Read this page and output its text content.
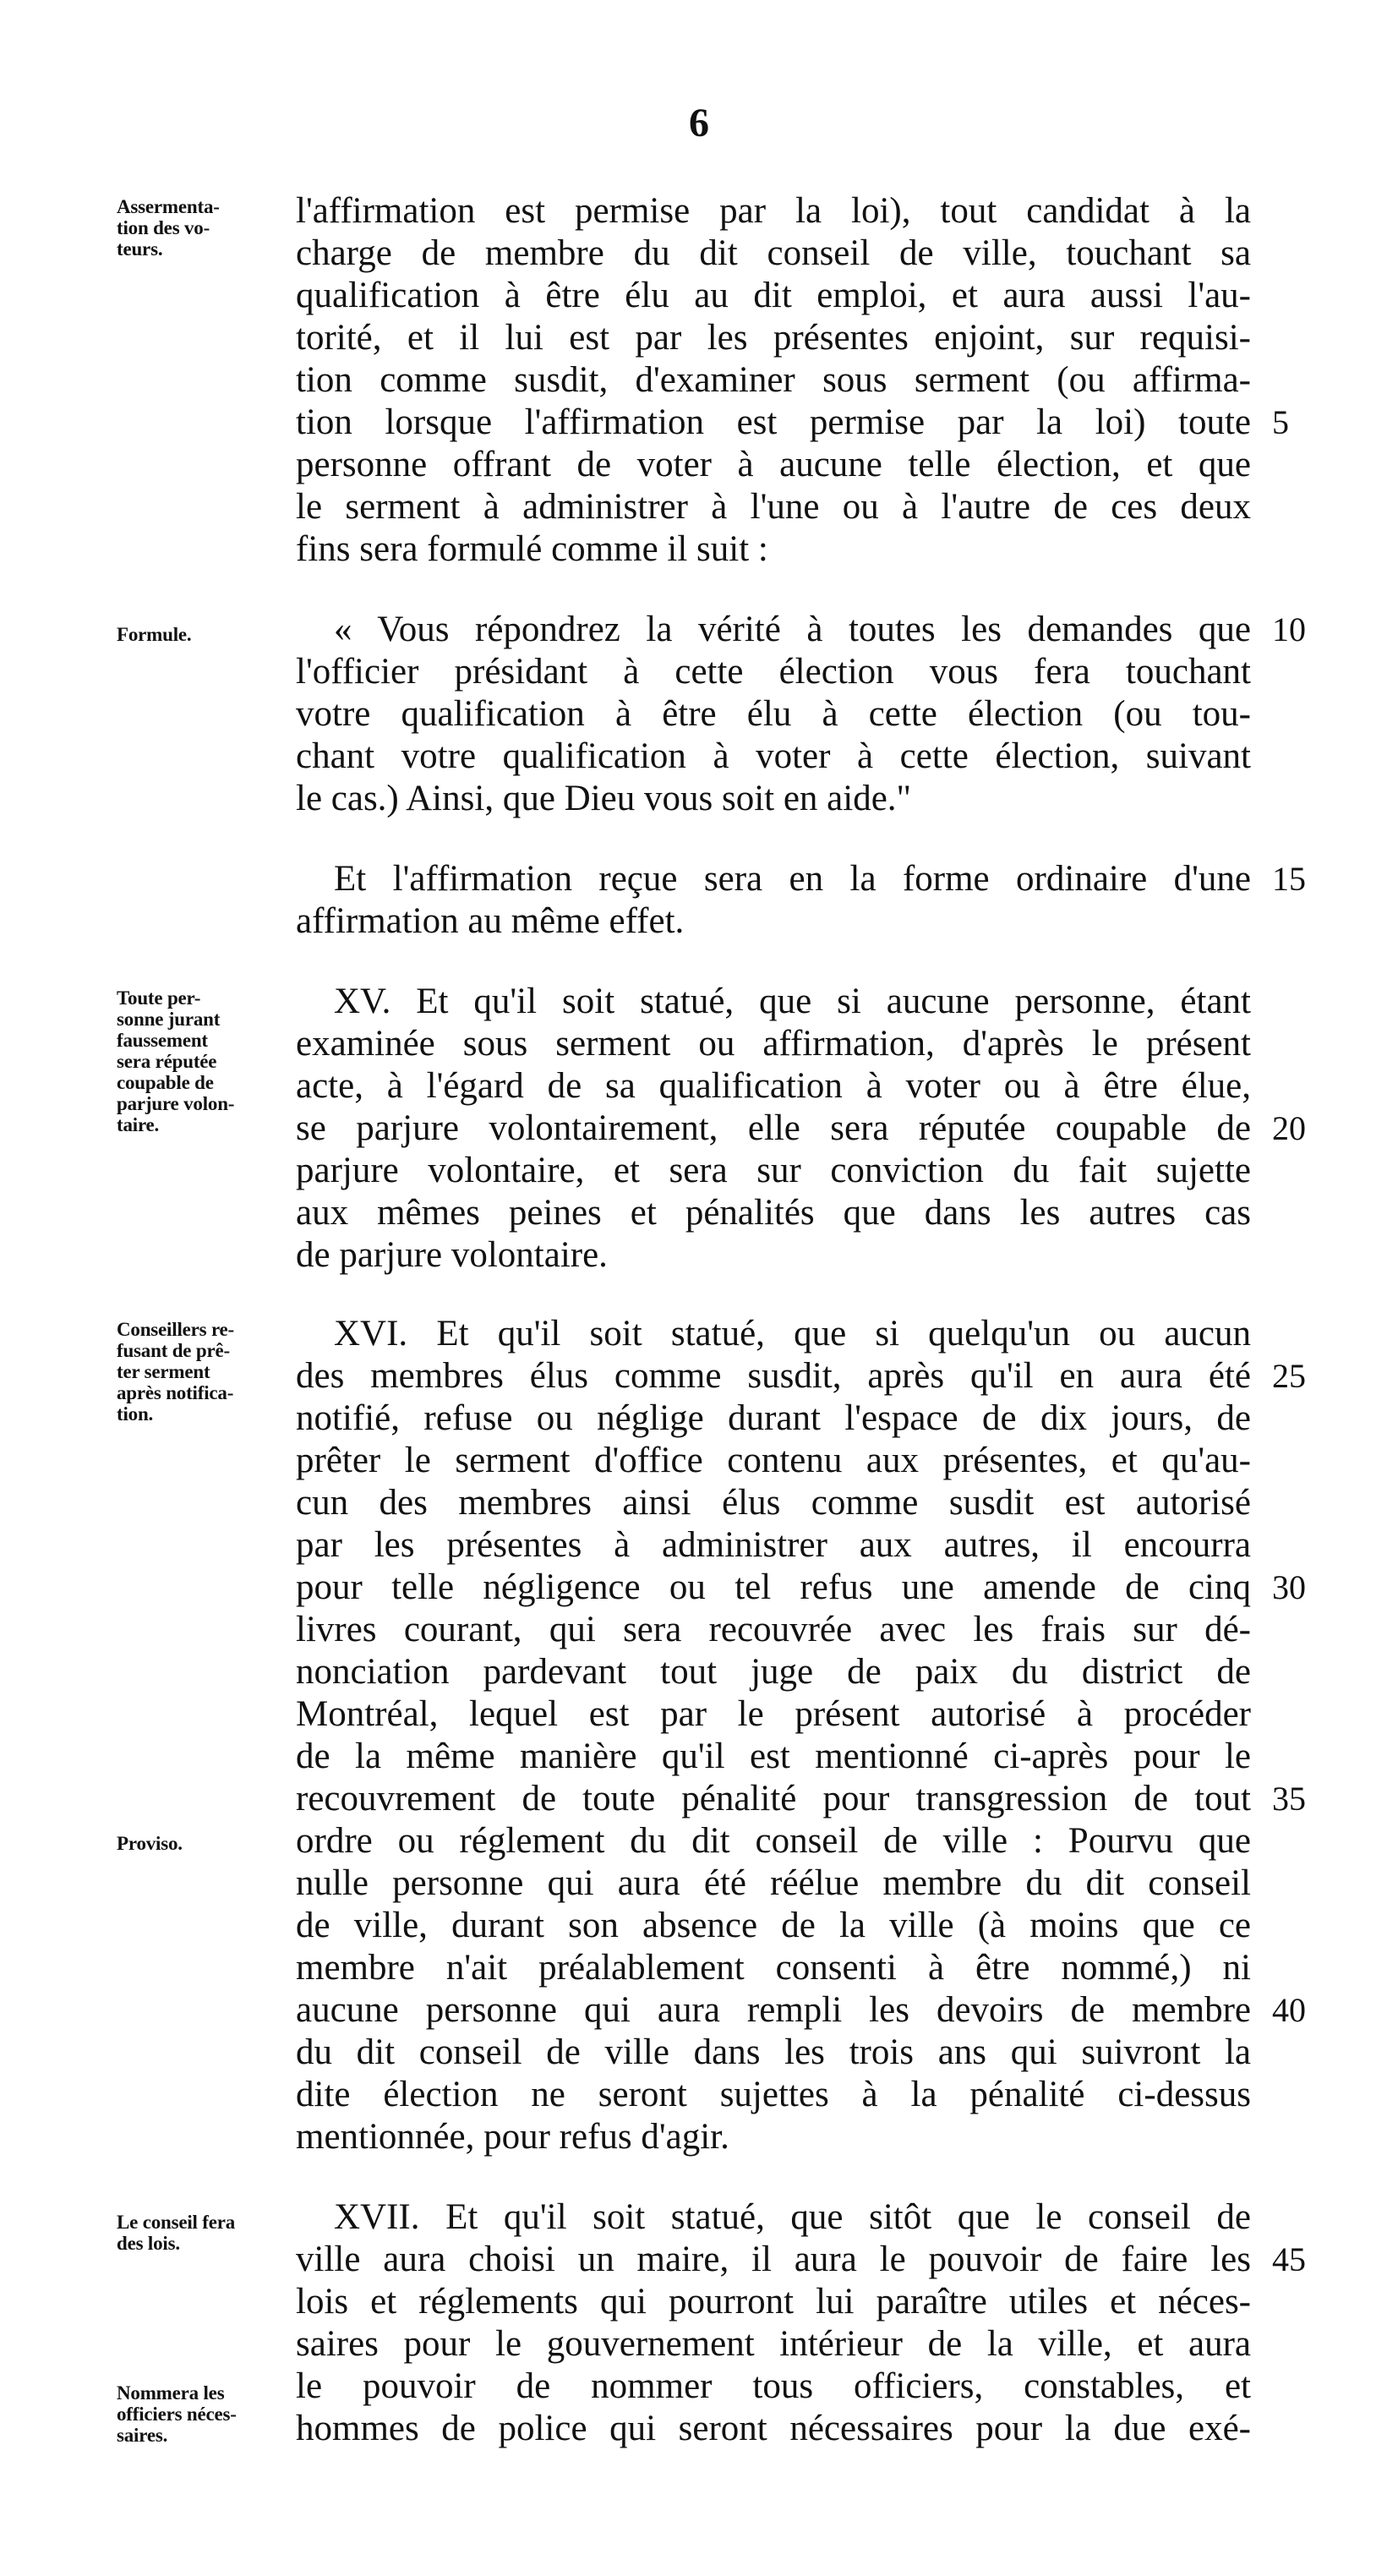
6
Assermenta-
tion des vo-
teurs.
Formule.
Toute per-
sonne jurant
faussement
sera réputée
coupable de
parjure volon-
taire.
Conseillers re-
fusant de prê-
ter serment
après notifica-
tion.
Proviso.
Le conseil fera
des lois.
Nommera les
officiers néces-
saires.
l'affirmation est permise par la loi), tout candidat à la
charge de membre du dit conseil de ville, touchant sa
qualification à être élu au dit emploi, et aura aussi l'au-
torité, et il lui est par les présentes enjoint, sur requisi-
tion comme susdit, d'examiner sous serment (ou affirma-
tion lorsque l'affirmation est permise par la loi) toute
personne offrant de voter à aucune telle élection, et que
le serment à administrer à l'une ou à l'autre de ces deux
fins sera formulé comme il suit :
« Vous répondrez la vérité à toutes les demandes que
l'officier présidant à cette élection vous fera touchant
votre qualification à être élu à cette élection (ou tou-
chant votre qualification à voter à cette élection, suivant
le cas.) Ainsi, que Dieu vous soit en aide."
Et l'affirmation reçue sera en la forme ordinaire d'une
affirmation au même effet.
XV. Et qu'il soit statué, que si aucune personne, étant
examinée sous serment ou affirmation, d'après le présent
acte, à l'égard de sa qualification à voter ou à être élue,
se parjure volontairement, elle sera réputée coupable de
parjure volontaire, et sera sur conviction du fait sujette
aux mêmes peines et pénalités que dans les autres cas
de parjure volontaire.
XVI. Et qu'il soit statué, que si quelqu'un ou aucun
des membres élus comme susdit, après qu'il en aura été
notifié, refuse ou néglige durant l'espace de dix jours, de
prêter le serment d'office contenu aux présentes, et qu'au-
cun des membres ainsi élus comme susdit est autorisé
par les présentes à administrer aux autres, il encourra
pour telle négligence ou tel refus une amende de cinq
livres courant, qui sera recouvrée avec les frais sur dé-
nonciation pardevant tout juge de paix du district de
Montréal, lequel est par le présent autorisé à procéder
de la même manière qu'il est mentionné ci-après pour le
recouvrement de toute pénalité pour transgression de tout
ordre ou réglement du dit conseil de ville : Pourvu que
nulle personne qui aura été réélue membre du dit conseil
de ville, durant son absence de la ville (à moins que ce
membre n'ait préalablement consenti à être nommé,) ni
aucune personne qui aura rempli les devoirs de membre
du dit conseil de ville dans les trois ans qui suivront la
dite élection ne seront sujettes à la pénalité ci-dessus
mentionnée, pour refus d'agir.
XVII. Et qu'il soit statué, que sitôt que le conseil de
ville aura choisi un maire, il aura le pouvoir de faire les
lois et réglements qui pourront lui paraître utiles et néces-
saires pour le gouvernement intérieur de la ville, et aura
le pouvoir de nommer tous officiers, constables, et
hommes de police qui seront nécessaires pour la due exé-
5
10
15
20
25
30
35
40
45
